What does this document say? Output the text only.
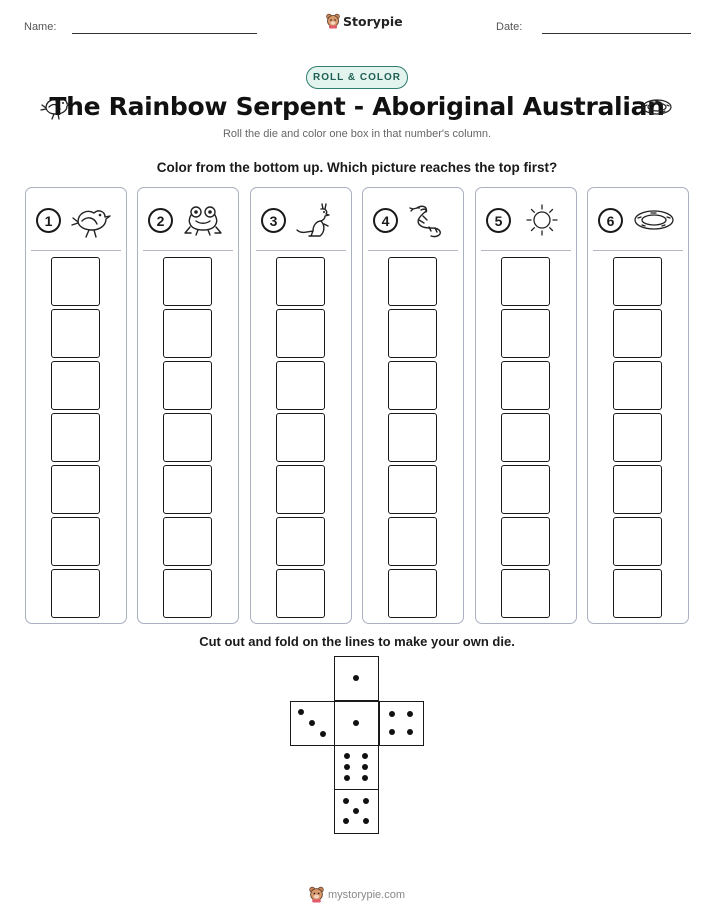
Name:	Storypie	Date:
ROLL & COLOR
The Rainbow Serpent - Aboriginal Australian
Roll the die and color one box in that number's column.
Color from the bottom up. Which picture reaches the top first?
1	2	3	4	5	6
Cut out and fold on the lines to make your own die.
mystorypie.com
